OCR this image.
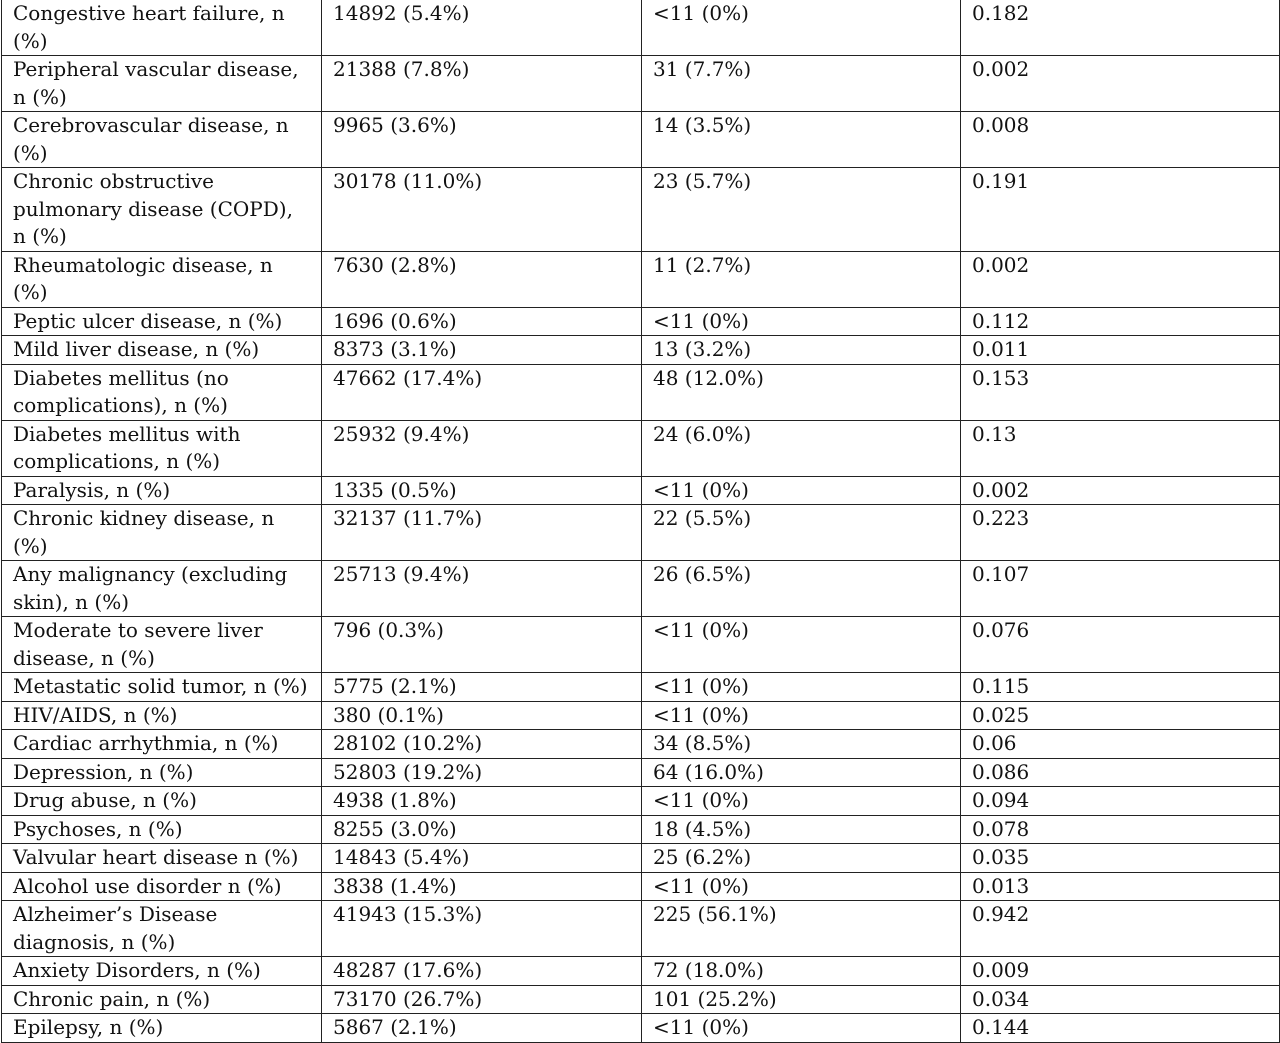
Congestive heart failure, n (%)	14892 (5.4%)	<11 (0%)	0.182
Peripheral vascular disease, n (%)	21388 (7.8%)	31 (7.7%)	0.002
Cerebrovascular disease, n (%)	9965 (3.6%)	14 (3.5%)	0.008
Chronic obstructive pulmonary disease (COPD), n (%)	30178 (11.0%)	23 (5.7%)	0.191
Rheumatologic disease, n (%)	7630 (2.8%)	11 (2.7%)	0.002
Peptic ulcer disease, n (%)	1696 (0.6%)	<11 (0%)	0.112
Mild liver disease, n (%)	8373 (3.1%)	13 (3.2%)	0.011
Diabetes mellitus (no complications), n (%)	47662 (17.4%)	48 (12.0%)	0.153
Diabetes mellitus with complications, n (%)	25932 (9.4%)	24 (6.0%)	0.13
Paralysis, n (%)	1335 (0.5%)	<11 (0%)	0.002
Chronic kidney disease, n (%)	32137 (11.7%)	22 (5.5%)	0.223
Any malignancy (excluding skin), n (%)	25713 (9.4%)	26 (6.5%)	0.107
Moderate to severe liver disease, n (%)	796 (0.3%)	<11 (0%)	0.076
Metastatic solid tumor, n (%)	5775 (2.1%)	<11 (0%)	0.115
HIV/AIDS, n (%)	380 (0.1%)	<11 (0%)	0.025
Cardiac arrhythmia, n (%)	28102 (10.2%)	34 (8.5%)	0.06
Depression, n (%)	52803 (19.2%)	64 (16.0%)	0.086
Drug abuse, n (%)	4938 (1.8%)	<11 (0%)	0.094
Psychoses, n (%)	8255 (3.0%)	18 (4.5%)	0.078
Valvular heart disease n (%)	14843 (5.4%)	25 (6.2%)	0.035
Alcohol use disorder n (%)	3838 (1.4%)	<11 (0%)	0.013
Alzheimer’s Disease diagnosis, n (%)	41943 (15.3%)	225 (56.1%)	0.942
Anxiety Disorders, n (%)	48287 (17.6%)	72 (18.0%)	0.009
Chronic pain, n (%)	73170 (26.7%)	101 (25.2%)	0.034
Epilepsy, n (%)	5867 (2.1%)	<11 (0%)	0.144
